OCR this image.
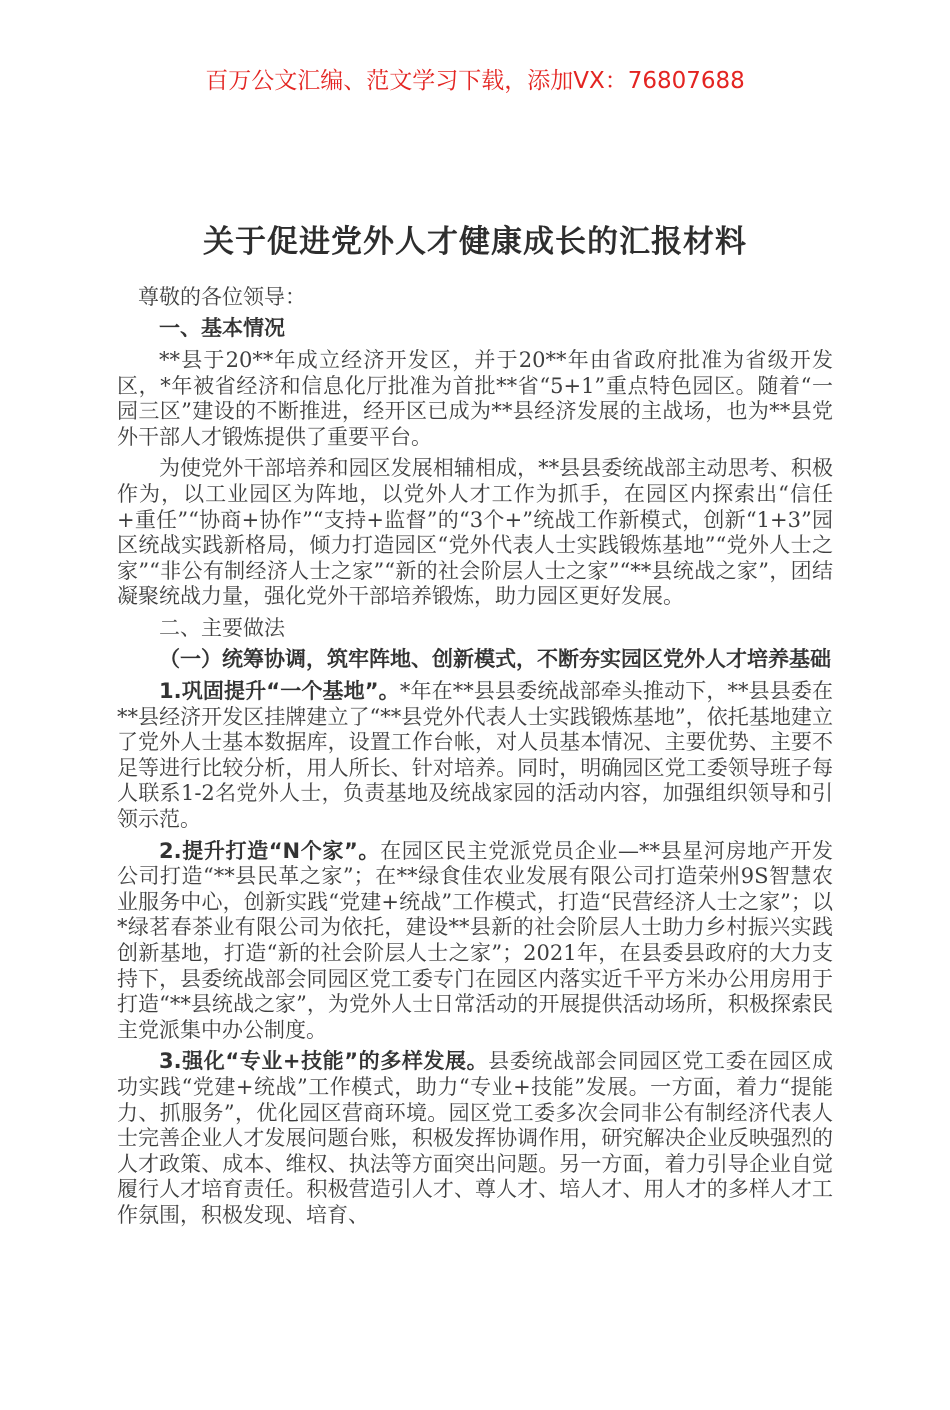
百万公文汇编、范文学习下载，添加VX：76807688
关于促进党外人才健康成长的汇报材料

尊敬的各位领导：

一、基本情况

**县于20**年成立经济开发区，并于20**年由省政府批准为省级开发区，*年被省经济和信息化厅批准为首批**省“5+1”重点特色园区。随着“一园三区”建设的不断推进，经开区已成为**县经济发展的主战场，也为**县党外干部人才锻炼提供了重要平台。

为使党外干部培养和园区发展相辅相成，**县县委统战部主动思考、积极作为，以工业园区为阵地，以党外人才工作为抓手，在园区内探索出“信任+重任”“协商+协作”“支持+监督”的“3个+”统战工作新模式，创新“1+3”园区统战实践新格局，倾力打造园区“党外代表人士实践锻炼基地”“党外人士之家”“非公有制经济人士之家”“新的社会阶层人士之家”“**县统战之家”，团结凝聚统战力量，强化党外干部培养锻炼，助力园区更好发展。

二、主要做法

（一）统筹协调，筑牢阵地、创新模式，不断夯实园区党外人才培养基础

1.巩固提升“一个基地”。*年在**县县委统战部牵头推动下，**县县委在**县经济开发区挂牌建立了“**县党外代表人士实践锻炼基地”，依托基地建立了党外人士基本数据库，设置工作台帐，对人员基本情况、主要优势、主要不足等进行比较分析，用人所长、针对培养。同时，明确园区党工委领导班子每人联系1-2名党外人士，负责基地及统战家园的活动内容，加强组织领导和引领示范。

2.提升打造“N个家”。在园区民主党派党员企业—**县星河房地产开发公司打造“**县民革之家”；在**绿食佳农业发展有限公司打造荣州9S智慧农业服务中心，创新实践“党建+统战”工作模式，打造“民营经济人士之家”；以*绿茗春茶业有限公司为依托，建设**县新的社会阶层人士助力乡村振兴实践创新基地，打造“新的社会阶层人士之家”；2021年，在县委县政府的大力支持下，县委统战部会同园区党工委专门在园区内落实近千平方米办公用房用于打造“**县统战之家”，为党外人士日常活动的开展提供活动场所，积极探索民主党派集中办公制度。

3.强化“专业+技能”的多样发展。县委统战部会同园区党工委在园区成功实践“党建+统战”工作模式，助力“专业+技能”发展。一方面，着力“提能力、抓服务”，优化园区营商环境。园区党工委多次会同非公有制经济代表人士完善企业人才发展问题台账，积极发挥协调作用，研究解决企业反映强烈的人才政策、成本、维权、执法等方面突出问题。另一方面，着力引导企业自觉履行人才培育责任。积极营造引人才、尊人才、培人才、用人才的多样人才工作氛围，积极发现、培育、
